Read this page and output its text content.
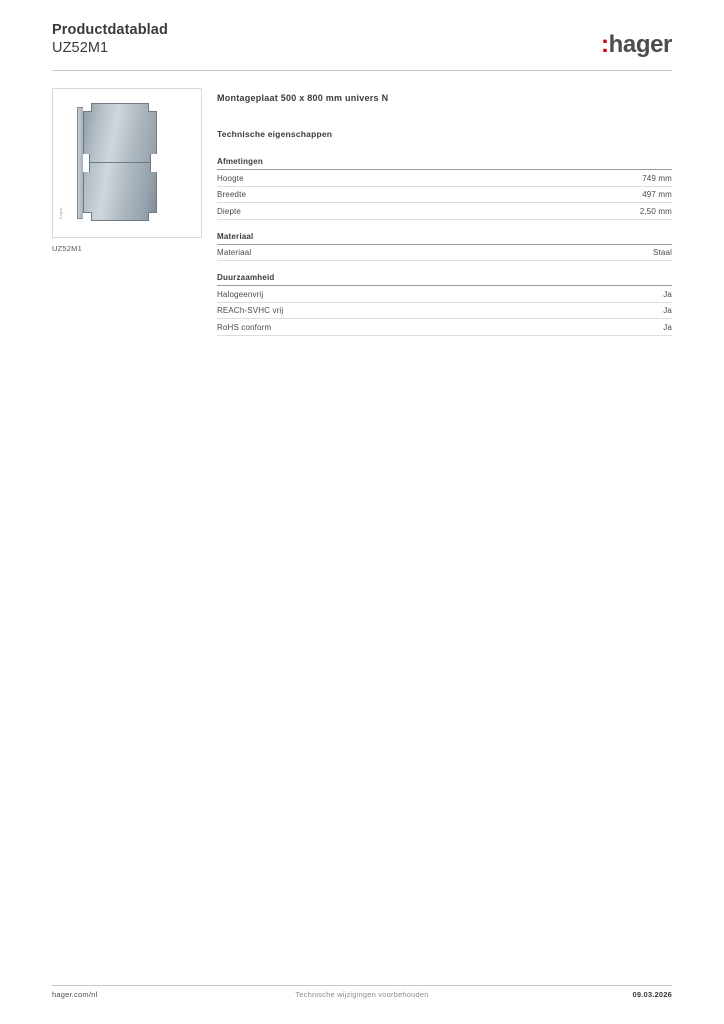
Productdatablad
UZ52M1	:hager
hager
UZ52M1
Montageplaat 500 x 800 mm univers N
Technische eigenschappen
Afmetingen
Hoogte	749 mm
Breedte	497 mm
Diepte	2,50 mm
Materiaal
Materiaal	Staal
Duurzaamheid
Halogeenvrij	Ja
REACh-SVHC vrij	Ja
RoHS conform	Ja
hager.com/nl	Technische wijzigingen voorbehouden	09.03.2026
